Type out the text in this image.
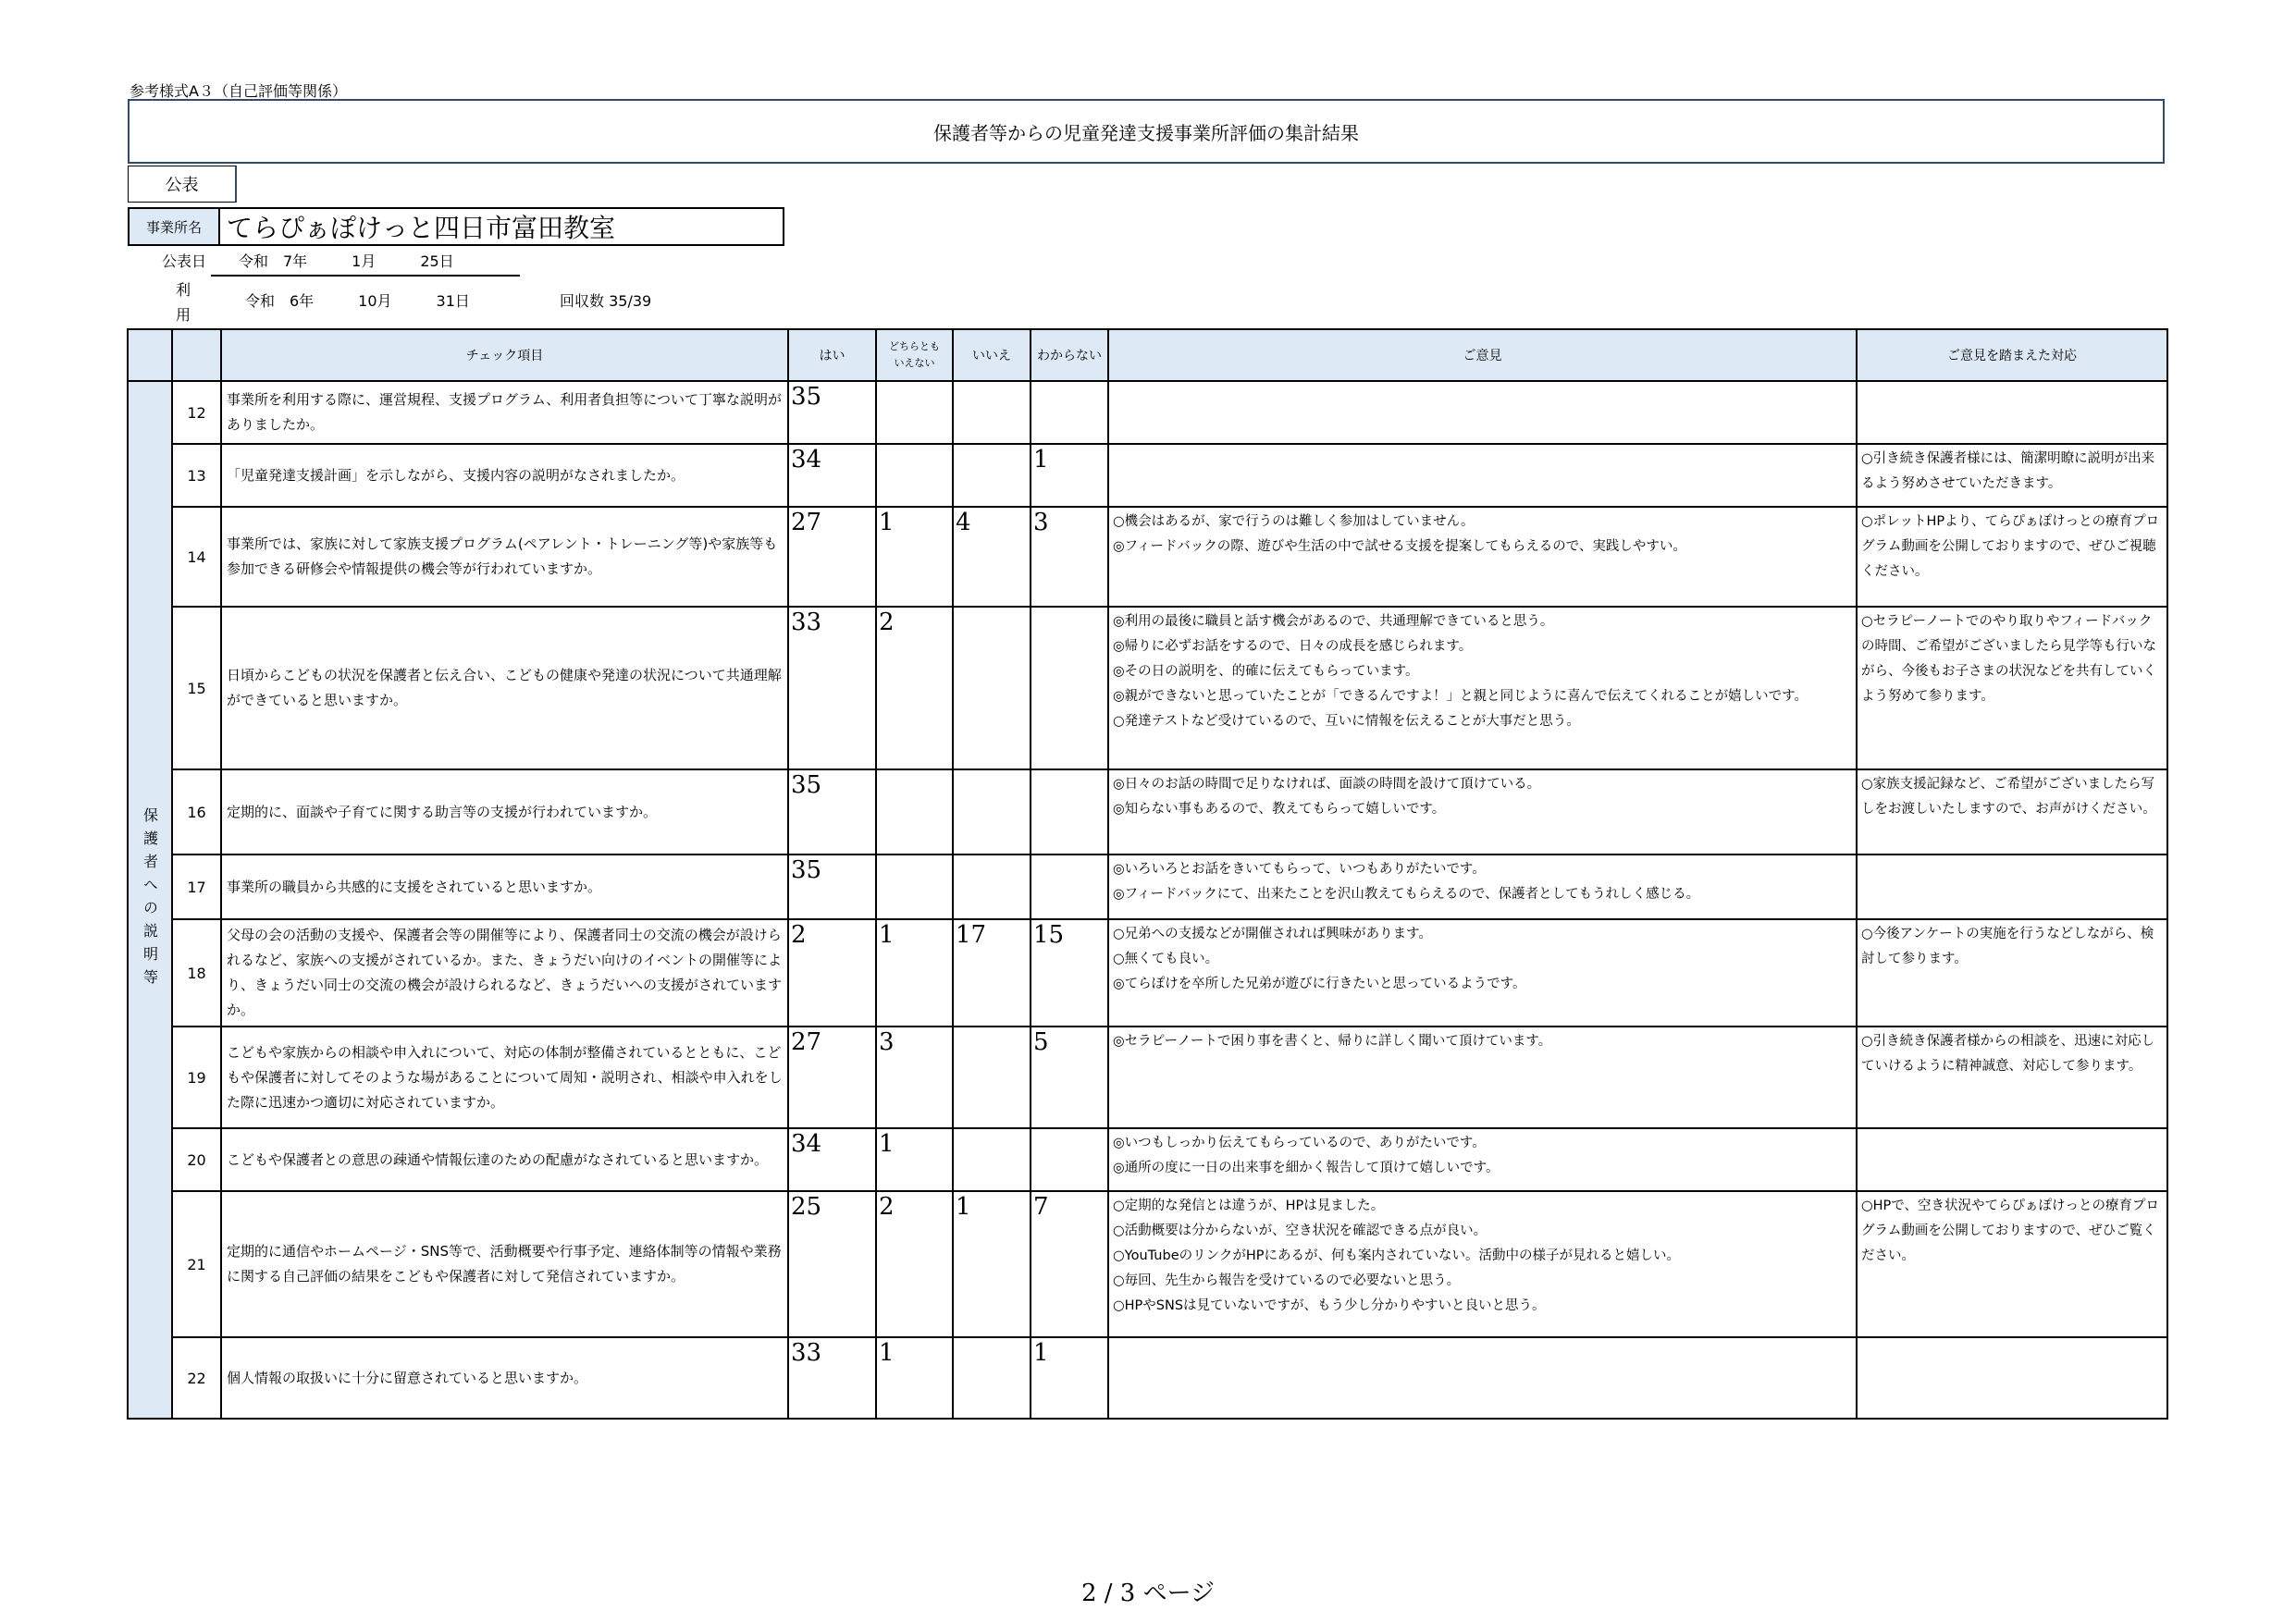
参考様式A３（自己評価等関係）
保護者等からの児童発達支援事業所評価の集計結果
公表
事業所名 てらぴぁぽけっと四日市富田教室
公表日 令和　7年　　　1月　　　25日
利　用

令和　6年　　　10月　　　31日	回収数 35/39
		チェック項目	はい	どちらとも
いえない	いいえ	わからない	ご意見	ご意見を踏まえた対応

保護者への説明等	12	事業所を利用する際に、運営規程、支援プログラム、利用者負担等について丁寧な説明がありましたか。	35					

	13	「児童発達支援計画」を示しながら、支援内容の説明がなされましたか。	34			1		○引き続き保護者様には、簡潔明瞭に説明が出来るよう努めさせていただきます。

	14	事業所では、家族に対して家族支援プログラム(ペアレント・トレーニング等)や家族等も参加できる研修会や情報提供の機会等が行われていますか。	27	1	4	3	○機会はあるが、家で行うのは難しく参加はしていません。
◎フィードバックの際、遊びや生活の中で試せる支援を提案してもらえるので、実践しやすい。	○ポレットHPより、てらぴぁぽけっとの療育プログラム動画を公開しておりますので、ぜひご視聴ください。

	15	日頃からこどもの状況を保護者と伝え合い、こどもの健康や発達の状況について共通理解ができていると思いますか。	33	2			◎利用の最後に職員と話す機会があるので、共通理解できていると思う。
◎帰りに必ずお話をするので、日々の成長を感じられます。
◎その日の説明を、的確に伝えてもらっています。
◎親ができないと思っていたことが「できるんですよ！」と親と同じように喜んで伝えてくれることが嬉しいです。
○発達テストなど受けているので、互いに情報を伝えることが大事だと思う。	○セラピーノートでのやり取りやフィードバックの時間、ご希望がございましたら見学等も行いながら、今後もお子さまの状況などを共有していくよう努めて参ります。

	16	定期的に、面談や子育てに関する助言等の支援が行われていますか。	35				◎日々のお話の時間で足りなければ、面談の時間を設けて頂けている。
◎知らない事もあるので、教えてもらって嬉しいです。	○家族支援記録など、ご希望がございましたら写しをお渡しいたしますので、お声がけください。

	17	事業所の職員から共感的に支援をされていると思いますか。	35				◎いろいろとお話をきいてもらって、いつもありがたいです。
◎フィードバックにて、出来たことを沢山教えてもらえるので、保護者としてもうれしく感じる。	

	18	父母の会の活動の支援や、保護者会等の開催等により、保護者同士の交流の機会が設けられるなど、家族への支援がされているか。また、きょうだい向けのイベントの開催等により、きょうだい同士の交流の機会が設けられるなど、きょうだいへの支援がされていますか。	2	1	17	15	○兄弟への支援などが開催されれば興味があります。
○無くても良い。
◎てらぽけを卒所した兄弟が遊びに行きたいと思っているようです。	○今後アンケートの実施を行うなどしながら、検討して参ります。

	19	こどもや家族からの相談や申入れについて、対応の体制が整備されているとともに、こどもや保護者に対してそのような場があることについて周知・説明され、相談や申入れをした際に迅速かつ適切に対応されていますか。	27	3		5	◎セラピーノートで困り事を書くと、帰りに詳しく聞いて頂けています。	○引き続き保護者様からの相談を、迅速に対応していけるように精神誠意、対応して参ります。

	20	こどもや保護者との意思の疎通や情報伝達のための配慮がなされていると思いますか。	34	1			◎いつもしっかり伝えてもらっているので、ありがたいです。
◎通所の度に一日の出来事を細かく報告して頂けて嬉しいです。	

	21	定期的に通信やホームページ・SNS等で、活動概要や行事予定、連絡体制等の情報や業務に関する自己評価の結果をこどもや保護者に対して発信されていますか。	25	2	1	7	○定期的な発信とは違うが、HPは見ました。
○活動概要は分からないが、空き状況を確認できる点が良い。
○YouTubeのリンクがHPにあるが、何も案内されていない。活動中の様子が見れると嬉しい。
○毎回、先生から報告を受けているので必要ないと思う。
○HPやSNSは見ていないですが、もう少し分かりやすいと良いと思う。	○HPで、空き状況やてらぴぁぽけっとの療育プログラム動画を公開しておりますので、ぜひご覧ください。

	22	個人情報の取扱いに十分に留意されていると思いますか。	33	1		1		
2 / 3 ページ
